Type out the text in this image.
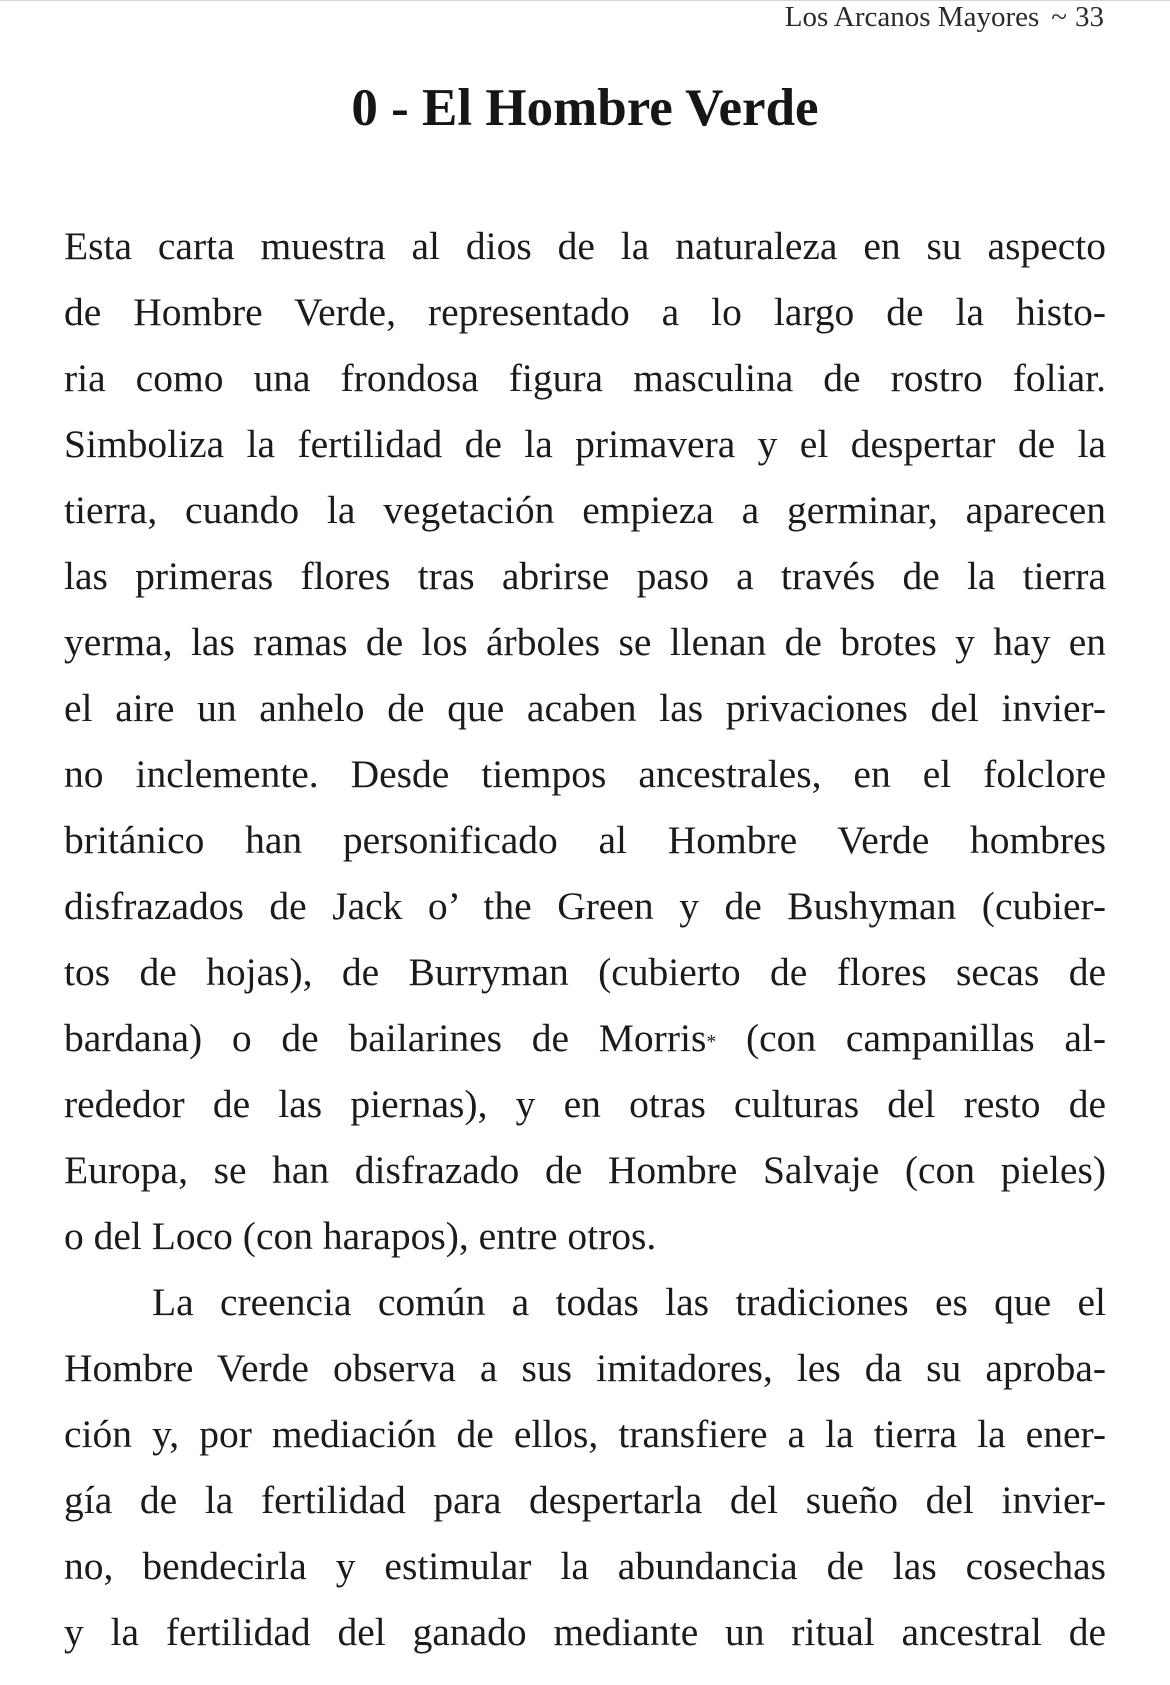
Los Arcanos Mayores ~ 33
0 - El Hombre Verde
Esta carta muestra al dios de la naturaleza en su aspecto
de Hombre Verde, representado a lo largo de la histo-
ria como una frondosa figura masculina de rostro foliar.
Simboliza la fertilidad de la primavera y el despertar de la
tierra, cuando la vegetación empieza a germinar, aparecen
las primeras flores tras abrirse paso a través de la tierra
yerma, las ramas de los árboles se llenan de brotes y hay en
el aire un anhelo de que acaben las privaciones del invier-
no inclemente. Desde tiempos ancestrales, en el folclore
británico han personificado al Hombre Verde hombres
disfrazados de Jack o’ the Green y de Bushyman (cubier-
tos de hojas), de Burryman (cubierto de flores secas de
bardana) o de bailarines de Morris* (con campanillas al-
rededor de las piernas), y en otras culturas del resto de
Europa, se han disfrazado de Hombre Salvaje (con pieles)
o del Loco (con harapos), entre otros.
La creencia común a todas las tradiciones es que el
Hombre Verde observa a sus imitadores, les da su aproba-
ción y, por mediación de ellos, transfiere a la tierra la ener-
gía de la fertilidad para despertarla del sueño del invier-
no, bendecirla y estimular la abundancia de las cosechas
y la fertilidad del ganado mediante un ritual ancestral de
